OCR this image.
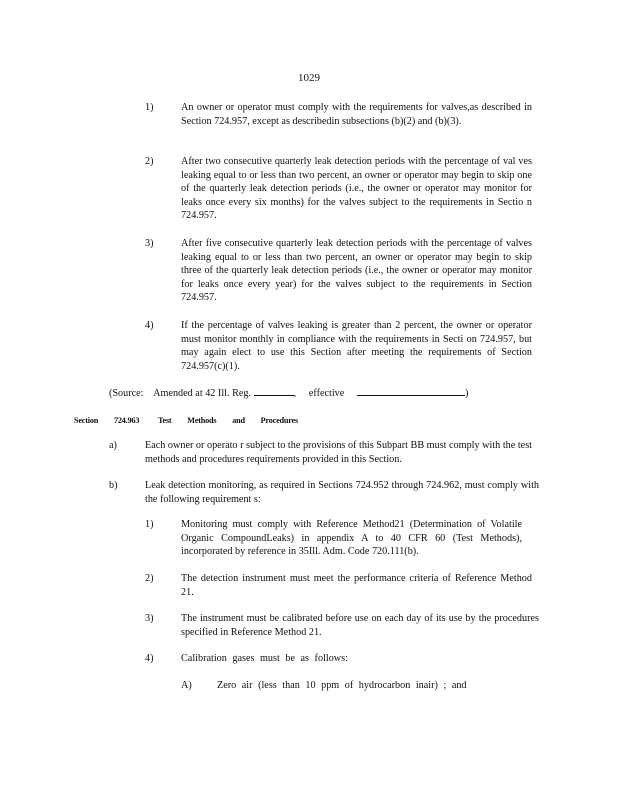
1029
1)	An owner or operator must comply with the requirements for valves,as described in Section 724.957, except as describedin subsections (b)(2) and (b)(3).
2)	After two consecutive quarterly leak detection periods with the percentage of val ves leaking equal to or less than two percent, an owner or operator may begin to skip one of the quarterly leak detection periods (i.e., the owner or operator may monitor for leaks once every six months) for the valves subject to the requirements in Sectio n 724.957.
3)	After five consecutive quarterly leak detection periods with the percentage of valves leaking equal to or less than two percent, an owner or operator may begin to skip three of the quarterly leak detection periods (i.e., the owner or operator may monitor for leaks once every year) for the valves subject to the requirements in Section 724.957.
4)	If the percentage of valves leaking is greater than 2 percent, the owner or operator must monitor monthly in compliance with the requirements in Secti on 724.957, but may again elect to use this Section after meeting the requirements of Section 724.957(c)(1).
(Source: Amended at 42 Ill. Reg.	, effective	)
Section 724.963 Test Methods and Procedures
a)	Each owner or operato r subject to the provisions of this Subpart BB must comply with the test methods and procedures requirements provided in this Section.
b)	Leak detection monitoring, as required in Sections 724.952 through 724.962, must comply with the following requirement s:
1)	Monitoring must comply with Reference Method21 (Determination of Volatile Organic CompoundLeaks) in appendix A to 40 CFR 60 (Test Methods), incorporated by reference in 35Ill. Adm. Code 720.111(b).
2)	The detection instrument must meet the performance criteria of Reference Method 21.
3)	The instrument must be calibrated before use on each day of its use by the procedures specified in Reference Method 21.
4)	Calibration gases must be as follows:
A)	Zero air (less than 10 ppm of hydrocarbon inair) ; and
